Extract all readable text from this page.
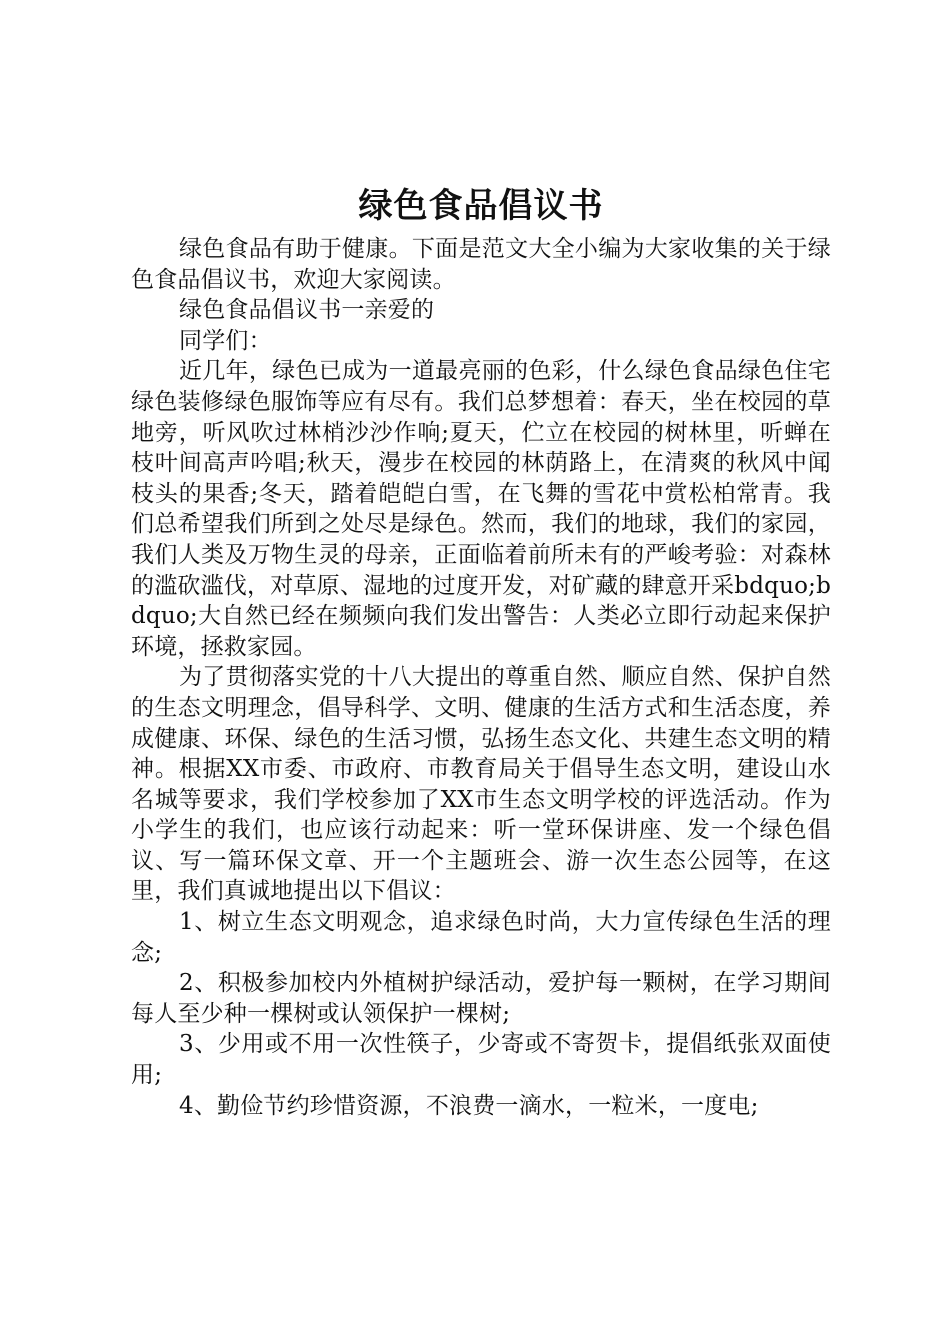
绿色食品倡议书

绿色食品有助于健康。下面是范文大全小编为大家收集的关于绿色食品倡议书，欢迎大家阅读。

绿色食品倡议书一亲爱的

同学们：

近几年，绿色已成为一道最亮丽的色彩，什么绿色食品绿色住宅绿色装修绿色服饰等应有尽有。我们总梦想着：春天，坐在校园的草地旁，听风吹过林梢沙沙作响;夏天，伫立在校园的树林里，听蝉在枝叶间高声吟唱;秋天，漫步在校园的林荫路上，在清爽的秋风中闻枝头的果香;冬天，踏着皑皑白雪，在飞舞的雪花中赏松柏常青。我们总希望我们所到之处尽是绿色。然而，我们的地球，我们的家园，我们人类及万物生灵的母亲，正面临着前所未有的严峻考验：对森林的滥砍滥伐，对草原、湿地的过度开发，对矿藏的肆意开采bdquo;bdquo;大自然已经在频频向我们发出警告：人类必立即行动起来保护环境，拯救家园。

为了贯彻落实党的十八大提出的尊重自然、顺应自然、保护自然的生态文明理念，倡导科学、文明、健康的生活方式和生活态度，养成健康、环保、绿色的生活习惯，弘扬生态文化、共建生态文明的精神。根据XX市委、市政府、市教育局关于倡导生态文明，建设山水名城等要求，我们学校参加了XX市生态文明学校的评选活动。作为小学生的我们，也应该行动起来：听一堂环保讲座、发一个绿色倡议、写一篇环保文章、开一个主题班会、游一次生态公园等，在这里，我们真诚地提出以下倡议：

1、树立生态文明观念，追求绿色时尚，大力宣传绿色生活的理念;

2、积极参加校内外植树护绿活动，爱护每一颗树，在学习期间每人至少种一棵树或认领保护一棵树;

3、少用或不用一次性筷子，少寄或不寄贺卡，提倡纸张双面使用;

4、勤俭节约珍惜资源，不浪费一滴水，一粒米，一度电;
